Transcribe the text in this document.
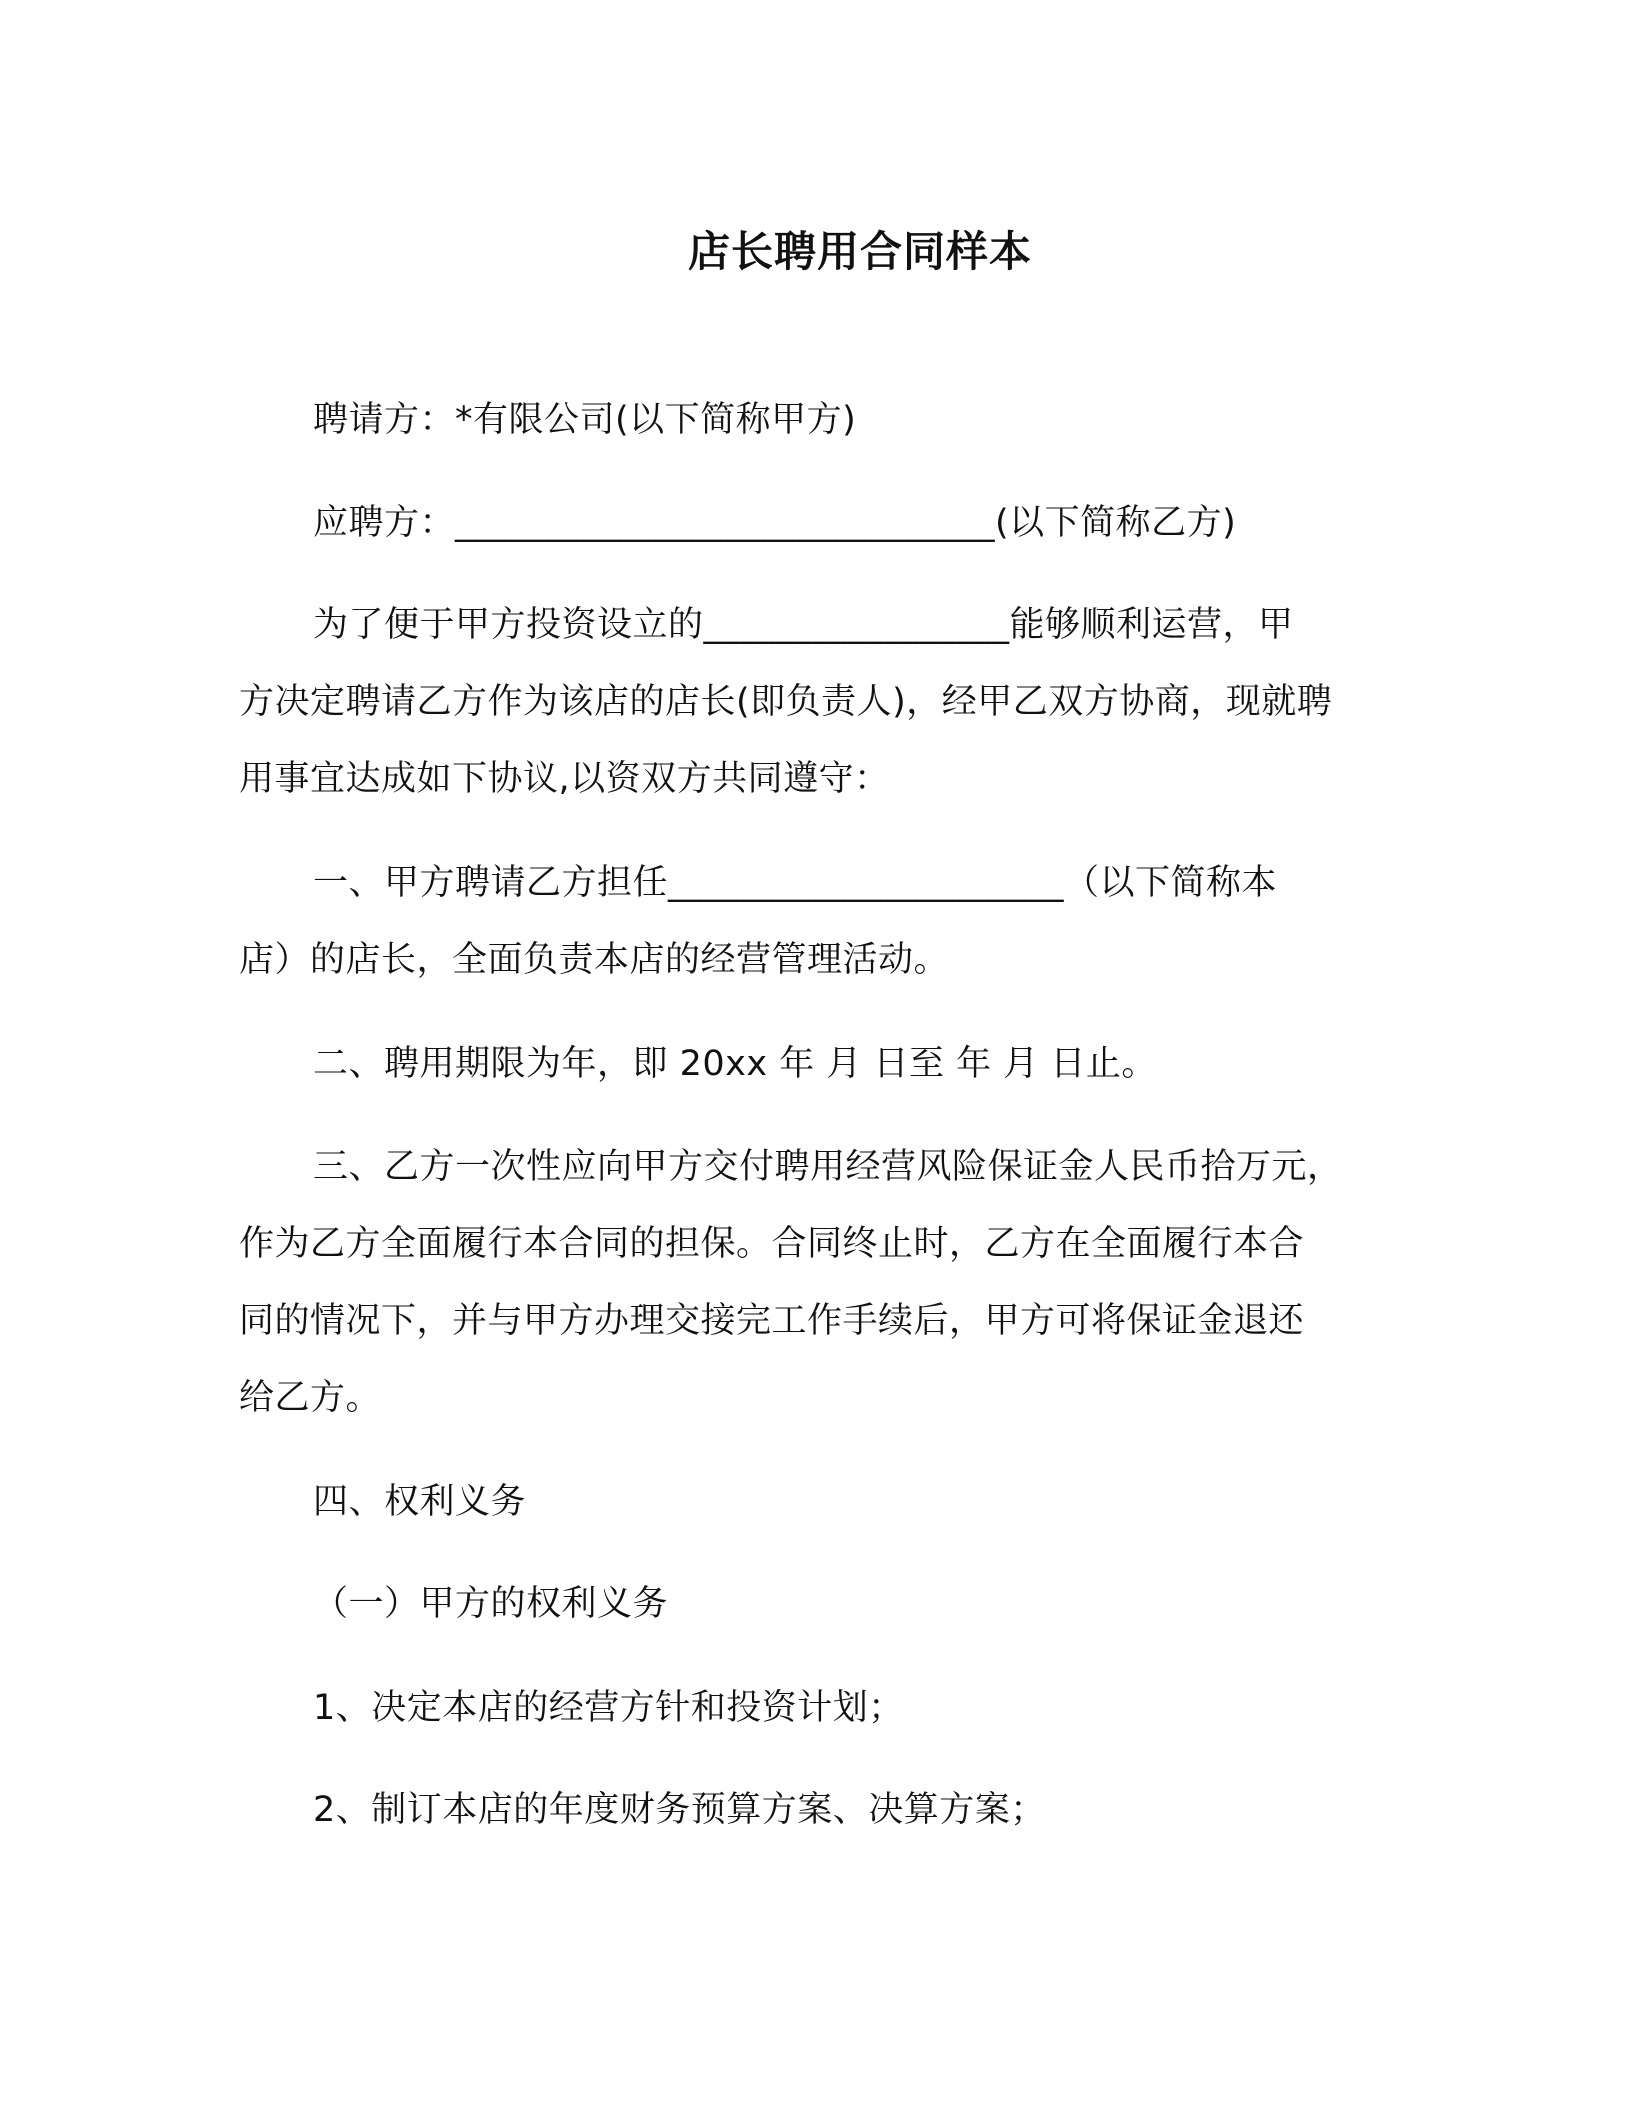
店长聘用合同样本
聘请方：*有限公司(以下简称甲方)
应聘方：______________________________(以下简称乙方)
为了便于甲方投资设立的_________________能够顺利运营，甲
方决定聘请乙方作为该店的店长(即负责人)，经甲乙双方协商，现就聘
用事宜达成如下协议,以资双方共同遵守：
一、甲方聘请乙方担任______________________（以下简称本
店）的店长，全面负责本店的经营管理活动。
二、聘用期限为年，即 20xx 年 月 日至 年 月 日止。
三、乙方一次性应向甲方交付聘用经营风险保证金人民币拾万元，
作为乙方全面履行本合同的担保。合同终止时，乙方在全面履行本合
同的情况下，并与甲方办理交接完工作手续后，甲方可将保证金退还
给乙方。
四、权利义务
（一）甲方的权利义务
1、决定本店的经营方针和投资计划；
2、制订本店的年度财务预算方案、决算方案；
